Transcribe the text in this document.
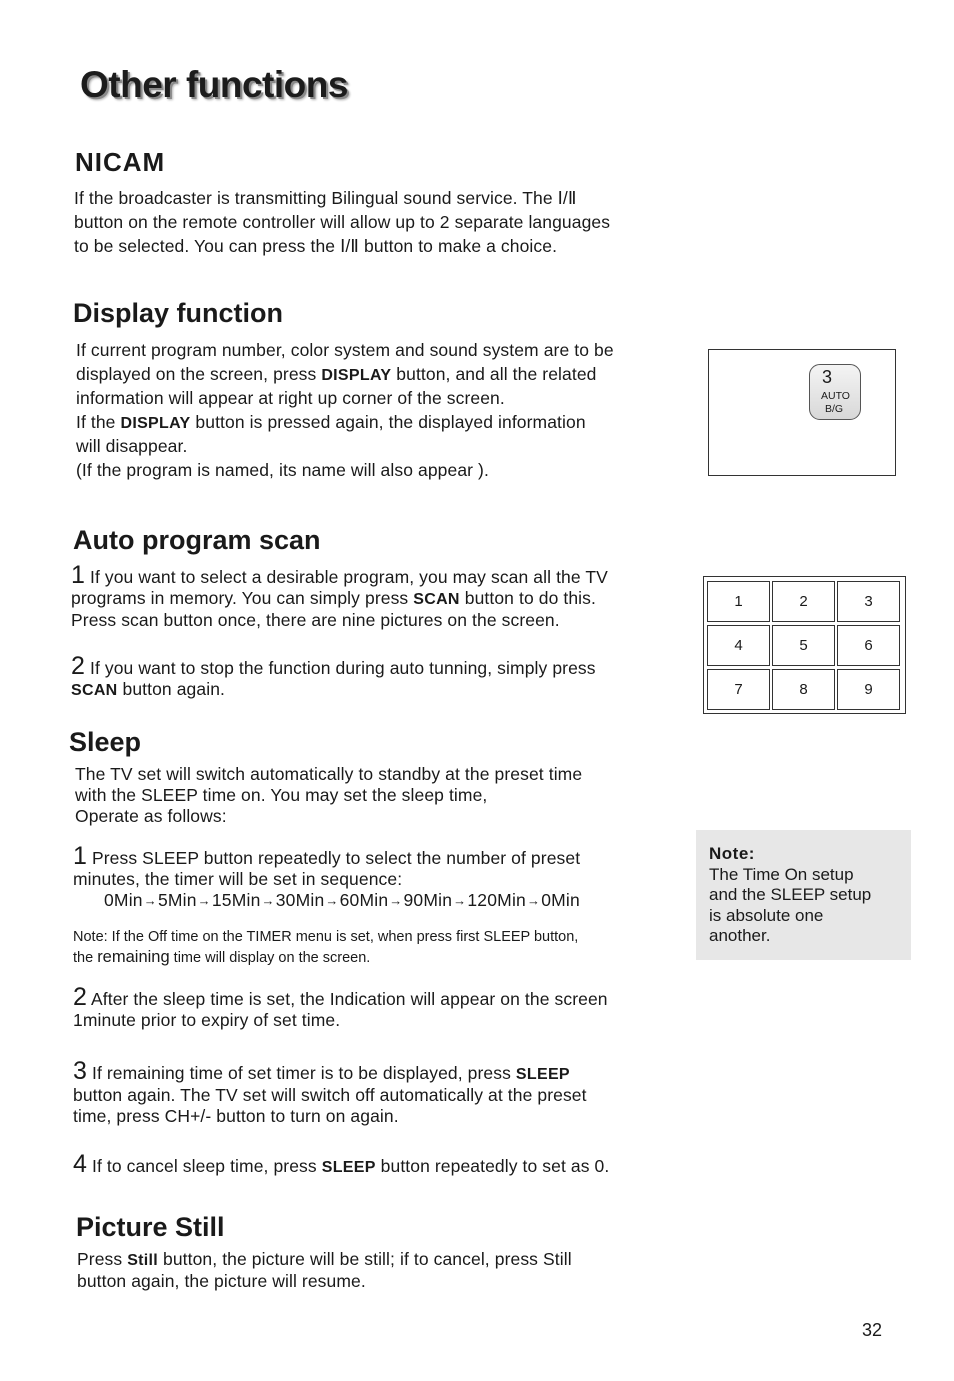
Other functions
NICAM
If the broadcaster is transmitting Bilingual sound service. The Ⅰ/Ⅱ
button on the remote controller will allow up to 2 separate languages
to be selected. You can press the Ⅰ/Ⅱ button to make a choice.
Display function
If current program number, color system and sound system are to be
displayed on the screen, press DISPLAY button, and all the related
information will appear at right up corner of the screen.
If the DISPLAY button is pressed again, the displayed information
will disappear.
(If the program is named, its name will also appear ).
3
AUTO
B/G
Auto program scan
1 If you want to select a desirable program, you may scan all the TV
programs in memory. You can simply press SCAN button to do this.
Press scan button once, there are nine pictures on the screen.
2 If you want to stop the function during auto tunning, simply press
SCAN button again.
1	2	3
4	5	6
7	8	9
Sleep
The TV set will switch automatically to standby at the preset time
with the SLEEP time on. You may set the sleep time,
Operate as follows:
1 Press SLEEP button repeatedly to select the number of preset
minutes, the timer will be set in sequence:
0Min→5Min→15Min→30Min→60Min→90Min→120Min→0Min
Note: If the Off time on the TIMER menu is set, when press first SLEEP button,
the remaining time will display on the screen.
2 After the sleep time is set, the Indication will appear on the screen
1minute prior to expiry of set time.
3 If remaining time of set timer is to be displayed, press SLEEP
button again. The TV set will switch off automatically at the preset
time, press CH+/- button to turn on again.
4 If to cancel sleep time, press SLEEP button repeatedly to set as 0.
Note:
The Time On setup
and the SLEEP setup
is absolute one
another.
Picture Still
Press Still button, the picture will be still; if to cancel, press Still
button again, the picture will resume.
32
